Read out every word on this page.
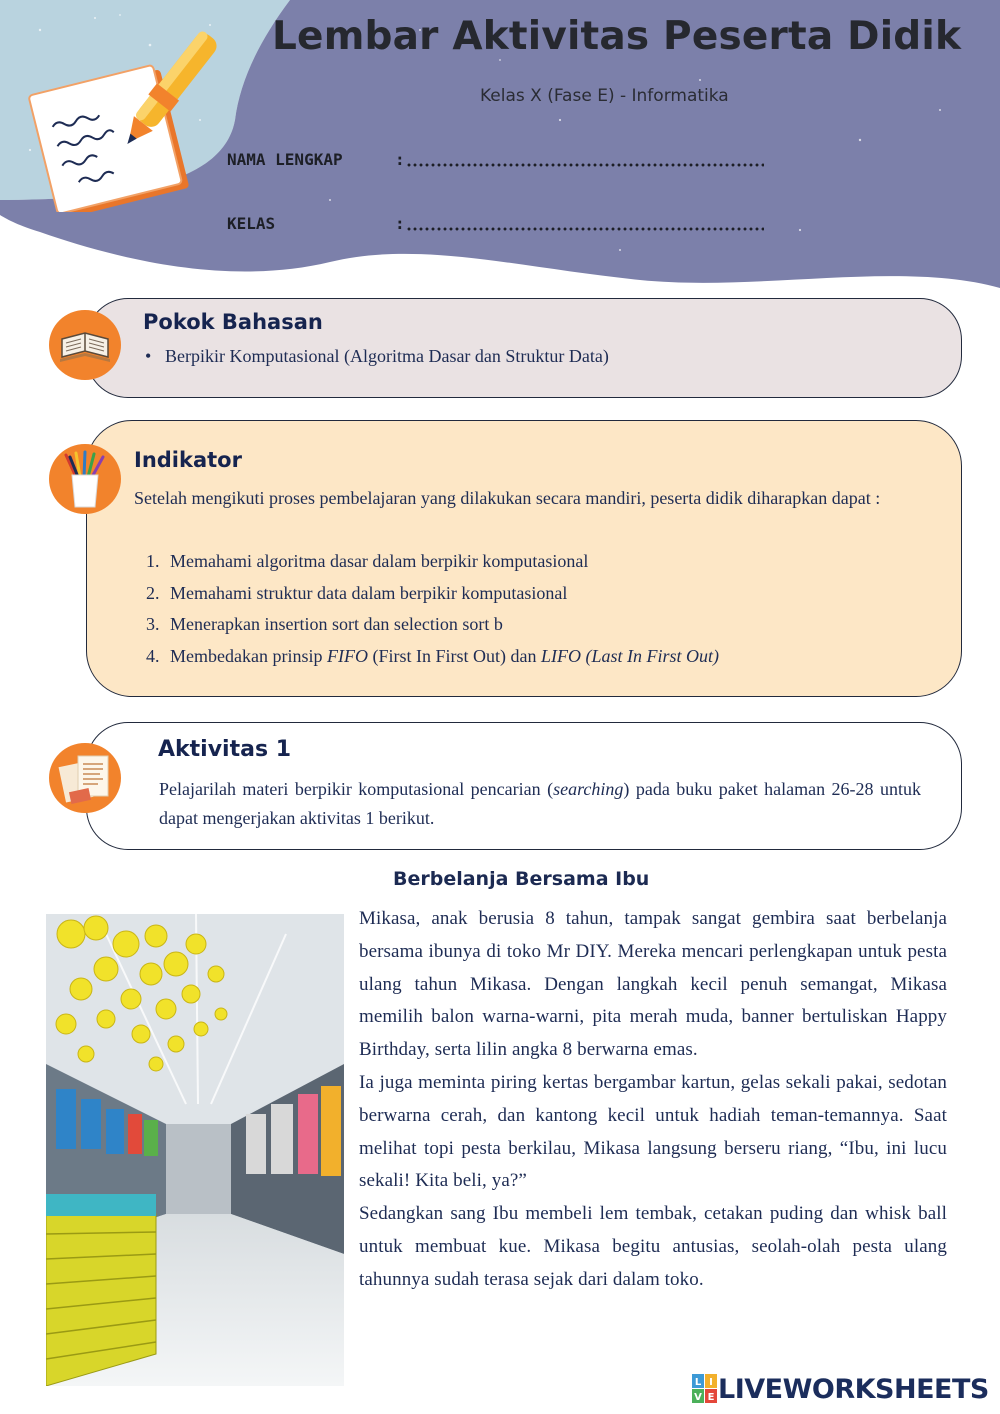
Lembar Aktivitas Peserta Didik
Kelas X (Fase E) - Informatika
NAMA LENGKAP	:
KELAS	:
Pokok Bahasan
• Berpikir Komputasional (Algoritma Dasar dan Struktur Data)
Indikator
Setelah mengikuti proses pembelajaran yang dilakukan secara mandiri, peserta didik diharapkan dapat :
1. Memahami algoritma dasar dalam berpikir komputasional
2. Memahami struktur data dalam berpikir komputasional
3. Menerapkan insertion sort dan selection sort b
4. Membedakan prinsip FIFO (First In First Out) dan LIFO (Last In First Out)
Aktivitas 1
Pelajarilah materi berpikir komputasional pencarian (searching) pada buku paket halaman 26-28 untuk dapat mengerjakan aktivitas 1 berikut.
Berbelanja Bersama Ibu

Mikasa, anak berusia 8 tahun, tampak sangat gembira saat berbelanja bersama ibunya di toko Mr DIY. Mereka mencari perlengkapan untuk pesta ulang tahun Mikasa. Dengan langkah kecil penuh semangat, Mikasa memilih balon warna-warni, pita merah muda, banner bertuliskan Happy Birthday, serta lilin angka 8 berwarna emas.

Ia juga meminta piring kertas bergambar kartun, gelas sekali pakai, sedotan berwarna cerah, dan kantong kecil untuk hadiah teman-temannya. Saat melihat topi pesta berkilau, Mikasa langsung berseru riang, “Ibu, ini lucu sekali! Kita beli, ya?”

Sedangkan sang Ibu membeli lem tembak, cetakan puding dan whisk ball untuk membuat kue. Mikasa begitu antusias, seolah-olah pesta ulang tahunnya sudah terasa sejak dari dalam toko.

L I
V E LIVEWORKSHEETS
